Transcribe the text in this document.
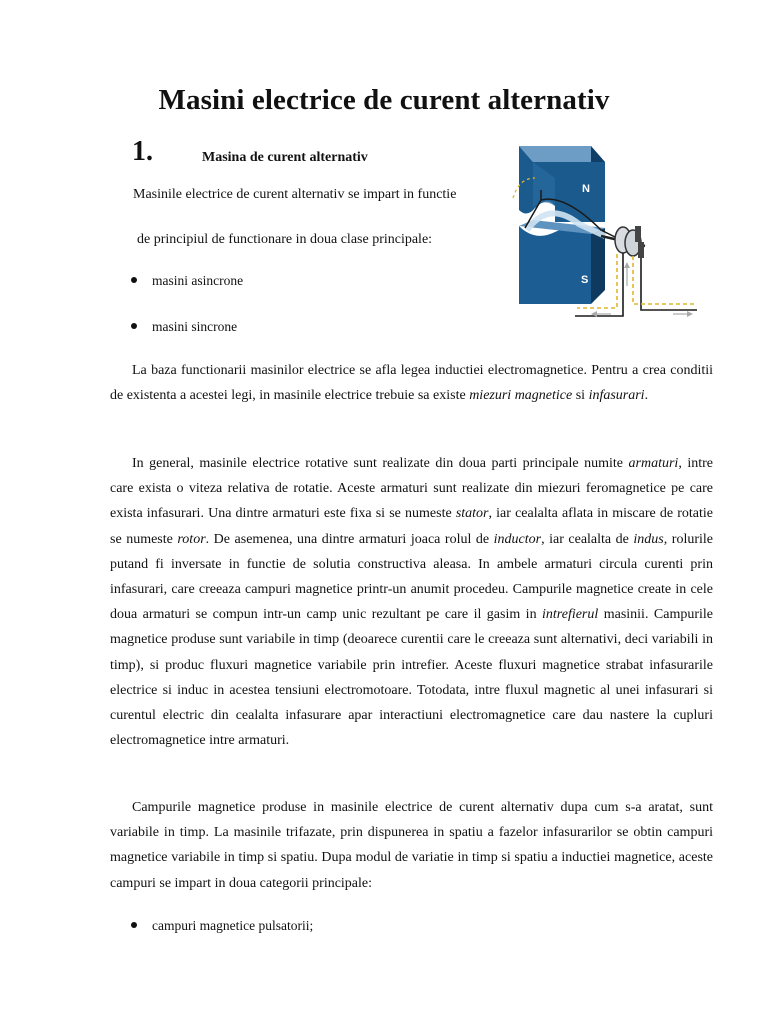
Masini electrice de curent alternativ
1.	Masina de curent alternativ
Masinile electrice de curent alternativ se impart in functie
de principiul de functionare in doua clase principale:
masini asincrone
masini sincrone
N
S

La baza functionarii masinilor electrice se afla legea inductiei electromagnetice. Pentru a crea conditii de existenta a acestei legi, in masinile electrice trebuie sa existe miezuri magnetice si infasurari.

In general, masinile electrice rotative sunt realizate din doua parti principale numite armaturi, intre care exista o viteza relativa de rotatie. Aceste armaturi sunt realizate din miezuri feromagnetice pe care exista infasurari. Una dintre armaturi este fixa si se numeste stator, iar cealalta aflata in miscare de rotatie se numeste rotor. De asemenea, una dintre armaturi joaca rolul de inductor, iar cealalta de indus, rolurile putand fi inversate in functie de solutia constructiva aleasa. In ambele armaturi circula curenti prin infasurari, care creeaza campuri magnetice printr-un anumit procedeu. Campurile magnetice create in cele doua armaturi se compun intr-un camp unic rezultant pe care il gasim in intrefierul masinii. Campurile magnetice produse sunt variabile in timp (deoarece curentii care le creeaza sunt alternativi, deci variabili in timp), si produc fluxuri magnetice variabile prin intrefier. Aceste fluxuri magnetice strabat infasurarile electrice si induc in acestea tensiuni electromotoare. Totodata, intre fluxul magnetic al unei infasurari si curentul electric din cealalta infasurare apar interactiuni electromagnetice care dau nastere la cupluri electromagnetice intre armaturi.

Campurile magnetice produse in masinile electrice de curent alternativ dupa cum s-a aratat, sunt variabile in timp. La masinile trifazate, prin dispunerea in spatiu a fazelor infasurarilor se obtin campuri magnetice variabile in timp si spatiu. Dupa modul de variatie in timp si spatiu a inductiei magnetice, aceste campuri se impart in doua categorii principale:

campuri magnetice pulsatorii;
